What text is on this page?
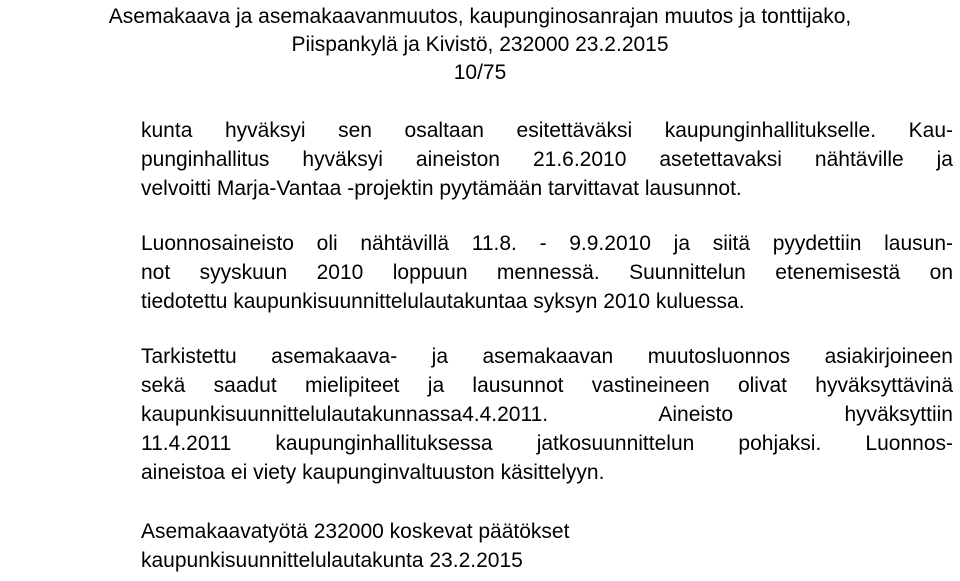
Asemakaava ja asemakaavanmuutos, kaupunginosanrajan muutos ja tonttijako,
Piispankylä ja Kivistö, 232000 23.2.2015
10/75
kunta hyväksyi sen osaltaan esitettäväksi kaupunginhallitukselle. Kau-
punginhallitus hyväksyi aineiston 21.6.2010 asetettavaksi nähtäville ja
velvoitti Marja-Vantaa -projektin pyytämään tarvittavat lausunnot.
Luonnosaineisto oli nähtävillä 11.8. - 9.9.2010 ja siitä pyydettiin lausun-
not syyskuun 2010 loppuun mennessä. Suunnittelun etenemisestä on
tiedotettu kaupunkisuunnittelulautakuntaa syksyn 2010 kuluessa.
Tarkistettu asemakaava- ja asemakaavan muutosluonnos asiakirjoineen
sekä saadut mielipiteet ja lausunnot vastineineen olivat hyväksyttävinä
kaupunkisuunnittelulautakunnassa4.4.2011. Aineisto hyväksyttiin
11.4.2011 kaupunginhallituksessa jatkosuunnittelun pohjaksi. Luonnos-
aineistoa ei viety kaupunginvaltuuston käsittelyyn.
Asemakaavatyötä 232000 koskevat päätökset
kaupunkisuunnittelulautakunta 23.2.2015
